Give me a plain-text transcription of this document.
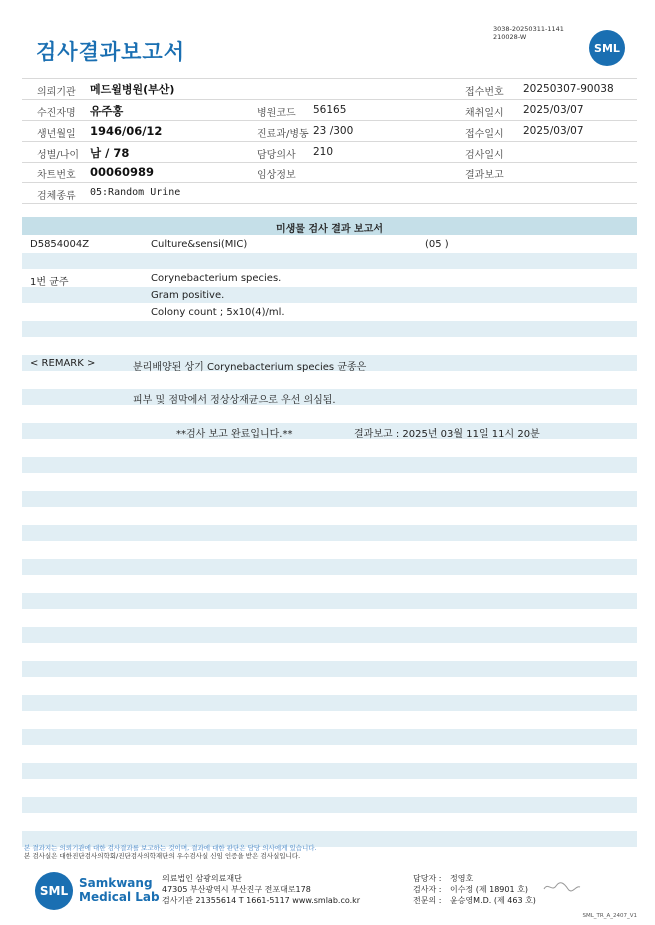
검사결과보고서
3038-20250311-1141
210028-W
SML
의뢰기관 메드윌병원(부산)	접수번호 20250307-90038
수진자명 유주홍	병원코드 56165	채취일시 2025/03/07
생년월일 1946/06/12	진료과/병동 23 /300	접수일시 2025/03/07
성별/나이 남 / 78	담당의사 210	검사일시
차트번호 00060989	임상정보	결과보고
검체종류 05:Random Urine
미생물 검사 결과 보고서
D5854004Z	Culture&sensi(MIC)	(05 )
1번 균주	Corynebacterium species.
Gram positive.
Colony count ; 5x10(4)/ml.
< REMARK >	분리배양된 상기 Corynebacterium species 균종은
피부 및 점막에서 정상상재균으로 우선 의심됨.
**검사 보고 완료입니다.**	결과보고 : 2025년 03월 11일 11시 20분
본 결과지는 의뢰기관에 대한 검사결과를 보고하는 것이며, 결과에 대한 판단은 담당 의사에게 있습니다.
본 검사실은 대한진단검사의학회/진단검사의학재단의 우수검사실 신임 인증을 받은 검사실입니다.
SML
Samkwang
Medical Lab
의료법인 삼광의료재단
47305 부산광역시 부산진구 전포대로178
검사기관 21355614 T 1661-5117 www.smlab.co.kr
담당자 : 정영호
검사자 : 이수정 (제 18901 호)
전문의 : 윤승영M.D. (제 463 호)
SML_TR_A_2407_V1
